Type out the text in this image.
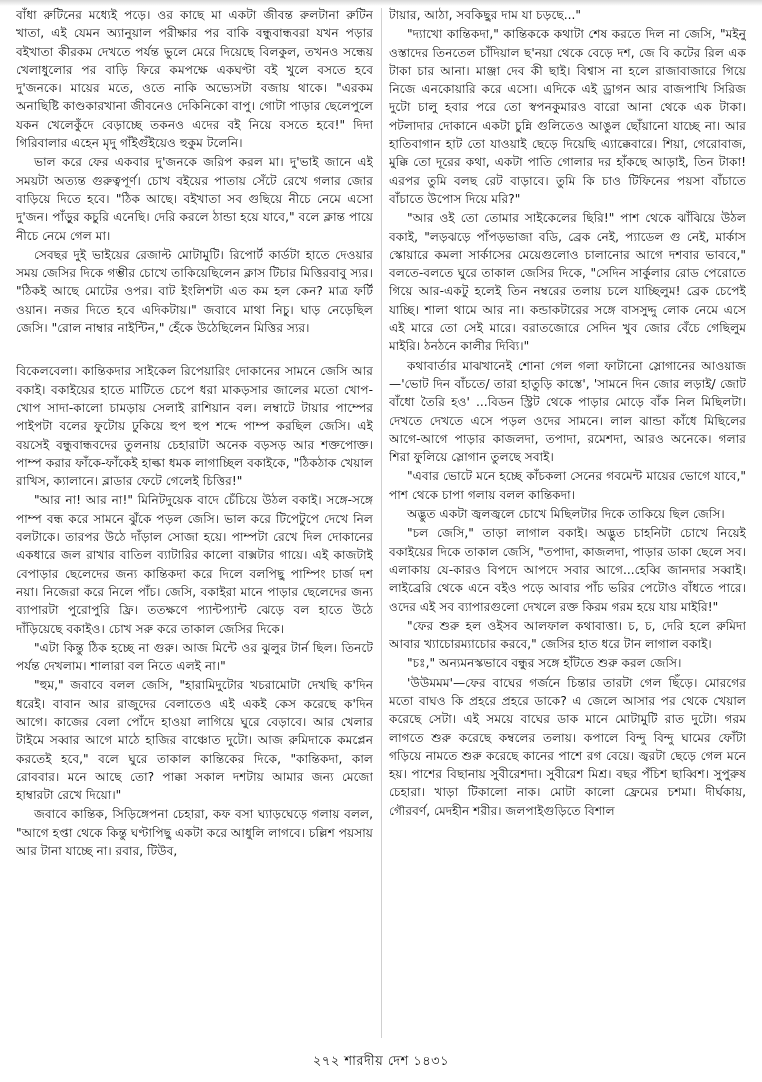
বাঁধা রুটিনের মধ্যেই পড়ে। ওর কাছে মা একটা জীবন্ত রুলটানা রুটিন খাতা, এই যেমন অ্যানুয়াল পরীক্ষার পর বাকি বন্ধুবান্ধবরা যখন পড়ার বইখাতা কীরকম দেখতে পর্যন্ত ভুলে মেরে দিয়েছে বিলকুল, তখনও সন্ধেয় খেলাধুলোর পর বাড়ি ফিরে কমপক্ষে একঘণ্টা বই খুলে বসতে হবে দু'জনকে। মায়ের মতে, ওতে নাকি অভ্যেসটা বজায় থাকে। "এরকম অনাছিষ্টি কাণ্ডকারখানা জীবনেও দেকিনিকো বাপু। গোটা পাড়ার ছেলেপুলে যকন খেলেকুঁদে বেড়াচ্ছে তকনও এদের বই নিয়ে বসতে হবে!" দিদা গিরিবালার এহেন মৃদু গাঁইগুঁইয়েও হুকুম টলেনি।

ভাল করে ফের একবার দু'জনকে জরিপ করল মা। দু'ভাই জানে এই সময়টা অত্যন্ত গুরুত্বপূর্ণ। চোখ বইয়ের পাতায় সেঁটে রেখে গলার জোর বাড়িয়ে দিতে হবে। "ঠিক আছে। বইখাতা সব গুছিয়ে নীচে নেমে এসো দু'জন। পাঁড়ুর কচুরি এনেছি। দেরি করলে ঠান্ডা হয়ে যাবে," বলে ক্লান্ত পায়ে নীচে নেমে গেল মা।

সেবছর দুই ভাইয়ের রেজাল্ট মোটামুটি। রিপোর্ট কার্ডটা হাতে দেওয়ার সময় জেসির দিকে গম্ভীর চোখে তাকিয়েছিলেন ক্লাস টিচার মিত্তিরবাবু স্যর। "ঠিকই আছে মোটের ওপর। বাট ইংলিশটা এত কম হল কেন? মাত্র ফর্টি ওয়ান। নজর দিতে হবে এদিকটায়।" জবাবে মাথা নিচু। ঘাড় নেড়েছিল জেসি। "রোল নাম্বার নাইন্টিন," হেঁকে উঠেছিলেন মিত্তির স্যর।

বিকেলবেলা। কান্তিকদার সাইকেল রিপেয়ারিং দোকানের সামনে জেসি আর বকাই। বকাইয়ের হাতে মাটিতে চেপে ধরা মাকড়সার জালের মতো খোপ-খোপ সাদা-কালো চামড়ায় সেলাই রাশিয়ান বল। লম্বাটে টায়ার পাম্পের পাইপটা বলের ফুটোয় ঢুকিয়ে হুপ হুপ শব্দে পাম্প করছিল জেসি। এই বয়সেই বন্ধুবান্ধবদের তুলনায় চেহারাটা অনেক বড়সড় আর শক্তপোক্ত। পাম্প করার ফাঁকে-ফাঁকেই হাল্কা ধমক লাগাচ্ছিল বকাইকে, "ঠিকঠাক খেয়াল রাখিস, ক্যালানে। ব্লাডার ফেটে গেলেই চিত্তির!"

"আর না! আর না!" মিনিটদুয়েক বাদে চেঁচিয়ে উঠল বকাই। সঙ্গে-সঙ্গে পাম্প বন্ধ করে সামনে ঝুঁকে পড়ল জেসি। ভাল করে টিপেটুপে দেখে নিল বলটাকে। তারপর উঠে দাঁড়াল সোজা হয়ে। পাম্পটা রেখে দিল দোকানের একধারে জল রাখার বাতিল ব্যাটারির কালো বাক্সটার গায়ে। এই কাজটাই বেপাড়ার ছেলেদের জন্য কান্তিকদা করে দিলে বলপিছু পাম্পিং চার্জ দশ নয়া। নিজেরা করে নিলে পাঁচ। জেসি, বকাইরা মানে পাড়ার ছেলেদের জন্য ব্যাপারটা পুরোপুরি ফ্রি। ততক্ষণে প্যান্টপ্যান্ট ঝেড়ে বল হাতে উঠে দাঁড়িয়েছে বকাইও। চোখ সরু করে তাকাল জেসির দিকে।

"এটা কিন্তু ঠিক হচ্ছে না গুরু। আজ মিন্টে ওর ঝুলুর টার্ন ছিল। তিনটে পর্যন্ত দেখলাম। শালারা বল নিতে এলই না।"

"হুম," জবাবে বলল জেসি, "হারামিদুটোর খচরামোটা দেখছি ক'দিন ধরেই। বাবান আর রাজুদের বেলাতেও এই একই কেস করেছে ক'দিন আগে। কাজের বেলা পোঁদে হাওয়া লাগিয়ে ঘুরে বেড়াবে। আর খেলার টাইমে সব্বার আগে মাঠে হাজির বাঞ্চোত দুটো। আজ রুমিদাকে কমপ্লেন করতেই হবে," বলে ঘুরে তাকাল কান্তিকের দিকে, "কান্তিকদা, কাল রোববার। মনে আছে তো? পাক্কা সকাল দশটায় আমার জন্য মেজো হাম্বারটা রেখে দিয়ো।"

জবাবে কান্তিক, সিড়িঙ্গেপনা চেহারা, কফ বসা ঘ্যাড়ঘেড়ে গলায় বলল, "আগে হপ্তা থেকে কিন্তু ঘণ্টাপিছু একটা করে আধুলি লাগবে। চল্লিশ পয়সায় আর টানা যাচ্ছে না। রবার, টিউব,

টায়ার, আঠা, সবকিছুর দাম যা চড়ছে..."

"দ্যাখো কান্তিকদা," কান্তিককে কথাটা শেষ করতে দিল না জেসি, "মইনু ওস্তাদের তিনতেল চাঁদিয়াল ছ'নয়া থেকে বেড়ে দশ, জে বি কটের রিল এক টাকা চার আনা। মাঞ্জা দেব কী ছাই। বিশ্বাস না হলে রাজাবাজারে গিয়ে নিজে এনকোয়ারি করে এসো। এদিকে এই ড্রাগন আর বাজপাখি সিরিজ দুটো চালু হবার পরে তো স্বপনকুমারও বারো আনা থেকে এক টাকা। পটলাদার দোকানে একটা চুন্নি গুলিতেও আঙুল ছোঁয়ানো যাচ্ছে না। আর হাতিবাগান হাট তো যাওয়াই ছেড়ে দিয়েছি এ্যাক্কেবারে। শিয়া, গেরোবাজ, মুক্কি তো দূরের কথা, একটা পাতি গোলার দর হাঁকছে আড়াই, তিন টাকা! এরপর তুমি বলছ রেট বাড়াবে। তুমি কি চাও টিফিনের পয়সা বাঁচাতে বাঁচাতে উপোস দিয়ে মরি?"

"আর ওই তো তোমার সাইকেলের ছিরি!" পাশ থেকে ঝাঁঝিয়ে উঠল বকাই, "লড়ঝড়ে পাঁপড়ভাজা বডি, ব্রেক নেই, প্যাডেল গু নেই, মার্কাস স্কোয়ারে কমলা সার্কাসের মেয়েগুলোও চালানোর আগে দশবার ভাববে," বলতে-বলতে ঘুরে তাকাল জেসির দিকে, "সেদিন সার্কুলার রোড পেরোতে গিয়ে আর-একটু হলেই তিন নম্বরের তলায় চলে যাচ্ছিলুম! ব্রেক চেপেই যাচ্ছি। শালা থামে আর না। কন্ডাকটারের সঙ্গে বাসসুদ্দু লোক নেমে এসে এই মারে তো সেই মারে। বরাতজোরে সেদিন খুব জোর বেঁচে গেছিলুম মাইরি। ঠনঠনে কালীর দিব্যি।"

কথাবার্তার মাঝখানেই শোনা গেল গলা ফাটানো স্লোগানের আওয়াজ—'ভোট দিন বাঁচতে/ তারা হাতুড়ি কাস্তে', 'সামনে দিন জোর লড়াই/ জোট বাঁধো তৈরি হও' ...বিডন স্ট্রিট থেকে পাড়ার মোড়ে বাঁক নিল মিছিলটা। দেখতে দেখতে এসে পড়ল ওদের সামনে। লাল ঝান্ডা কাঁধে মিছিলের আগে-আগে পাড়ার কাজলদা, তপাদা, রমেশদা, আরও অনেকে। গলার শিরা ফুলিয়ে স্লোগান তুলছে সবাই।

"এবার ভোটে মনে হচ্ছে কাঁচকলা সেনের গবমেন্ট মায়ের ভোগে যাবে," পাশ থেকে চাপা গলায় বলল কান্তিকদা।

অদ্ভুত একটা জ্বলজ্বলে চোখে মিছিলটার দিকে তাকিয়ে ছিল জেসি।

"চল জেসি," তাড়া লাগাল বকাই। অদ্ভুত চাহনিটা চোখে নিয়েই বকাইয়ের দিকে তাকাল জেসি, "তপাদা, কাজলদা, পাড়ার ডাকা ছেলে সব। এলাকায় যে-কারও বিপদে আপদে সবার আগে...হেব্বি জানদার সব্বাই। লাইব্রেরি থেকে এনে বইও পড়ে আবার পাঁচ ভরির পেটোও বাঁধতে পারে। ওদের এই সব ব্যাপারগুলো দেখলে রক্ত কিরম গরম হয়ে যায় মাইরি!"

"ফের শুরু হল ওইসব আলফাল কথাবাত্তা। চ, চ, দেরি হলে রুমিদা আবার খ্যাচোরম্যাচোর করবে," জেসির হাত ধরে টান লাগাল বকাই।

"চঃ," অন্যমনস্কভাবে বন্ধুর সঙ্গে হাঁটতে শুরু করল জেসি।

'উউমমম'—ফের বাঘের গর্জনে চিন্তার তারটা গেল ছিঁড়ে। মোরগের মতো বাঘও কি প্রহরে প্রহরে ডাকে? এ জেলে আসার পর থেকে খেয়াল করেছে সেটা। এই সময়ে বাঘের ডাক মানে মোটামুটি রাত দুটো। গরম লাগতে শুরু করেছে কম্বলের তলায়। কপালে বিন্দু বিন্দু ঘামের ফোঁটা গড়িয়ে নামতে শুরু করেছে কানের পাশে রগ বেয়ে। জ্বরটা ছেড়ে গেল মনে হয়। পাশের বিছানায় সুবীরেশদা। সুবীরেশ মিশ্র। বছর পঁচিশ ছাব্বিশ। সুপুরুষ চেহারা। খাড়া টিকালো নাক। মোটা কালো ফ্রেমের চশমা। দীর্ঘকায়, গৌরবর্ণ, মেদহীন শরীর। জলপাইগুড়িতে বিশাল

২৭২ শারদীয় দেশ ১৪৩১
